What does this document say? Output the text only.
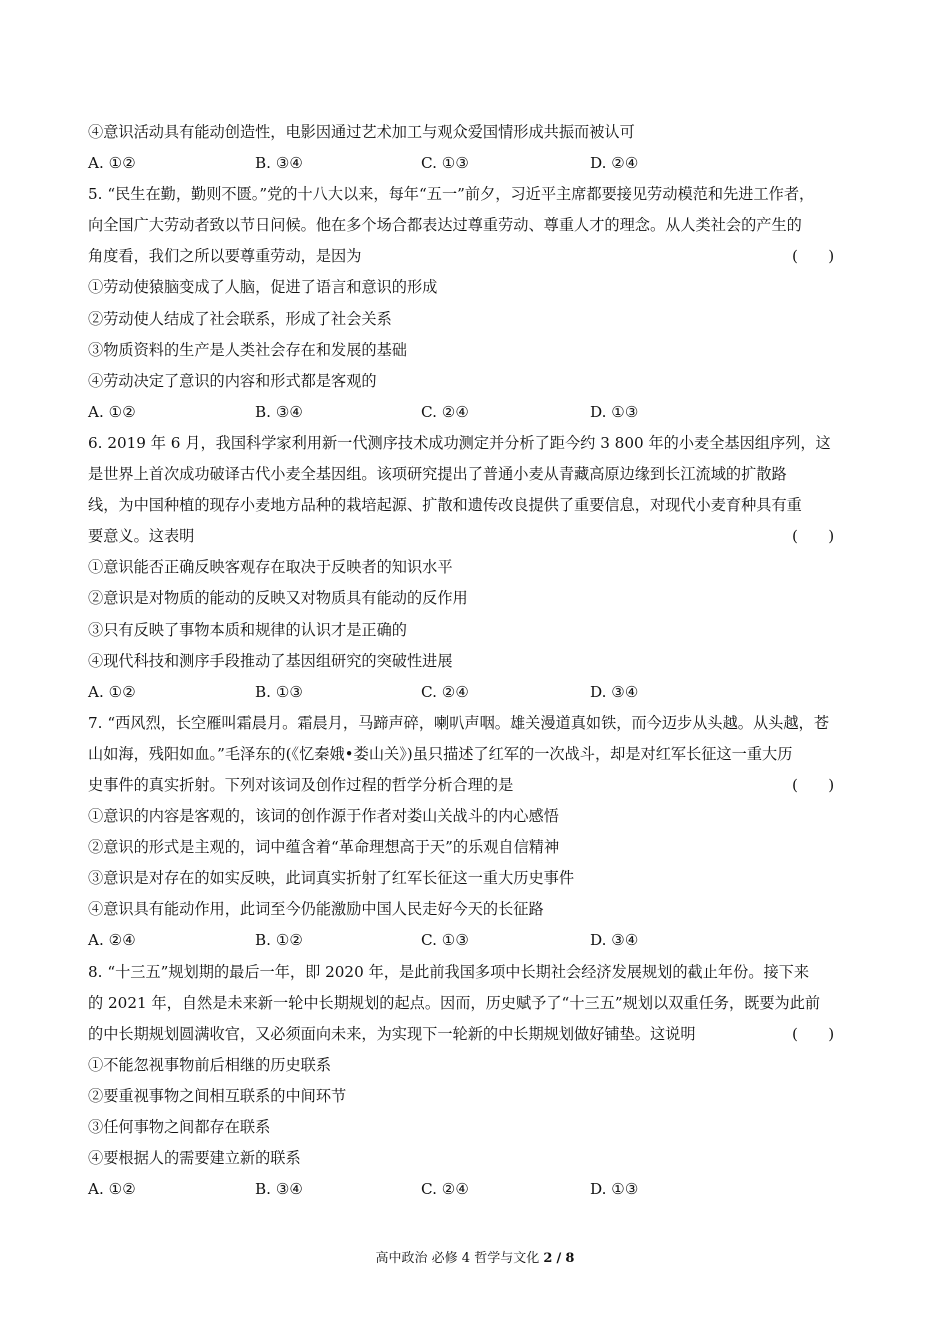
④意识活动具有能动创造性，电影因通过艺术加工与观众爱国情形成共振而被认可
A. ①②	B. ③④	C. ①③	D. ②④
5. “民生在勤，勤则不匮。”党的十八大以来，每年“五一”前夕，习近平主席都要接见劳动模范和先进工作者，
向全国广大劳动者致以节日问候。他在多个场合都表达过尊重劳动、尊重人才的理念。从人类社会的产生的
角度看，我们之所以要尊重劳动，是因为	(　　)
①劳动使猿脑变成了人脑，促进了语言和意识的形成
②劳动使人结成了社会联系，形成了社会关系
③物质资料的生产是人类社会存在和发展的基础
④劳动决定了意识的内容和形式都是客观的
A. ①②	B. ③④	C. ②④	D. ①③
6. 2019 年 6 月，我国科学家利用新一代测序技术成功测定并分析了距今约 3 800 年的小麦全基因组序列，这
是世界上首次成功破译古代小麦全基因组。该项研究提出了普通小麦从青藏高原边缘到长江流域的扩散路
线，为中国种植的现存小麦地方品种的栽培起源、扩散和遗传改良提供了重要信息，对现代小麦育种具有重
要意义。这表明	(　　)
①意识能否正确反映客观存在取决于反映者的知识水平
②意识是对物质的能动的反映又对物质具有能动的反作用
③只有反映了事物本质和规律的认识才是正确的
④现代科技和测序手段推动了基因组研究的突破性进展
A. ①②	B. ①③	C. ②④	D. ③④
7. “西风烈，长空雁叫霜晨月。霜晨月，马蹄声碎，喇叭声咽。雄关漫道真如铁，而今迈步从头越。从头越，苍
山如海，残阳如血。”毛泽东的(《忆秦娥•娄山关》)虽只描述了红军的一次战斗，却是对红军长征这一重大历
史事件的真实折射。下列对该词及创作过程的哲学分析合理的是	(　　)
①意识的内容是客观的，该词的创作源于作者对娄山关战斗的内心感悟
②意识的形式是主观的，词中蕴含着“革命理想高于天”的乐观自信精神
③意识是对存在的如实反映，此词真实折射了红军长征这一重大历史事件
④意识具有能动作用，此词至今仍能激励中国人民走好今天的长征路
A. ②④	B. ①②	C. ①③	D. ③④
8. “十三五”规划期的最后一年，即 2020 年，是此前我国多项中长期社会经济发展规划的截止年份。接下来
的 2021 年，自然是未来新一轮中长期规划的起点。因而，历史赋予了“十三五”规划以双重任务，既要为此前
的中长期规划圆满收官，又必须面向未来，为实现下一轮新的中长期规划做好铺垫。这说明	(　　)
①不能忽视事物前后相继的历史联系
②要重视事物之间相互联系的中间环节
③任何事物之间都存在联系
④要根据人的需要建立新的联系
A. ①②	B. ③④	C. ②④	D. ①③
高中政治 必修 4 哲学与文化 2 / 8
